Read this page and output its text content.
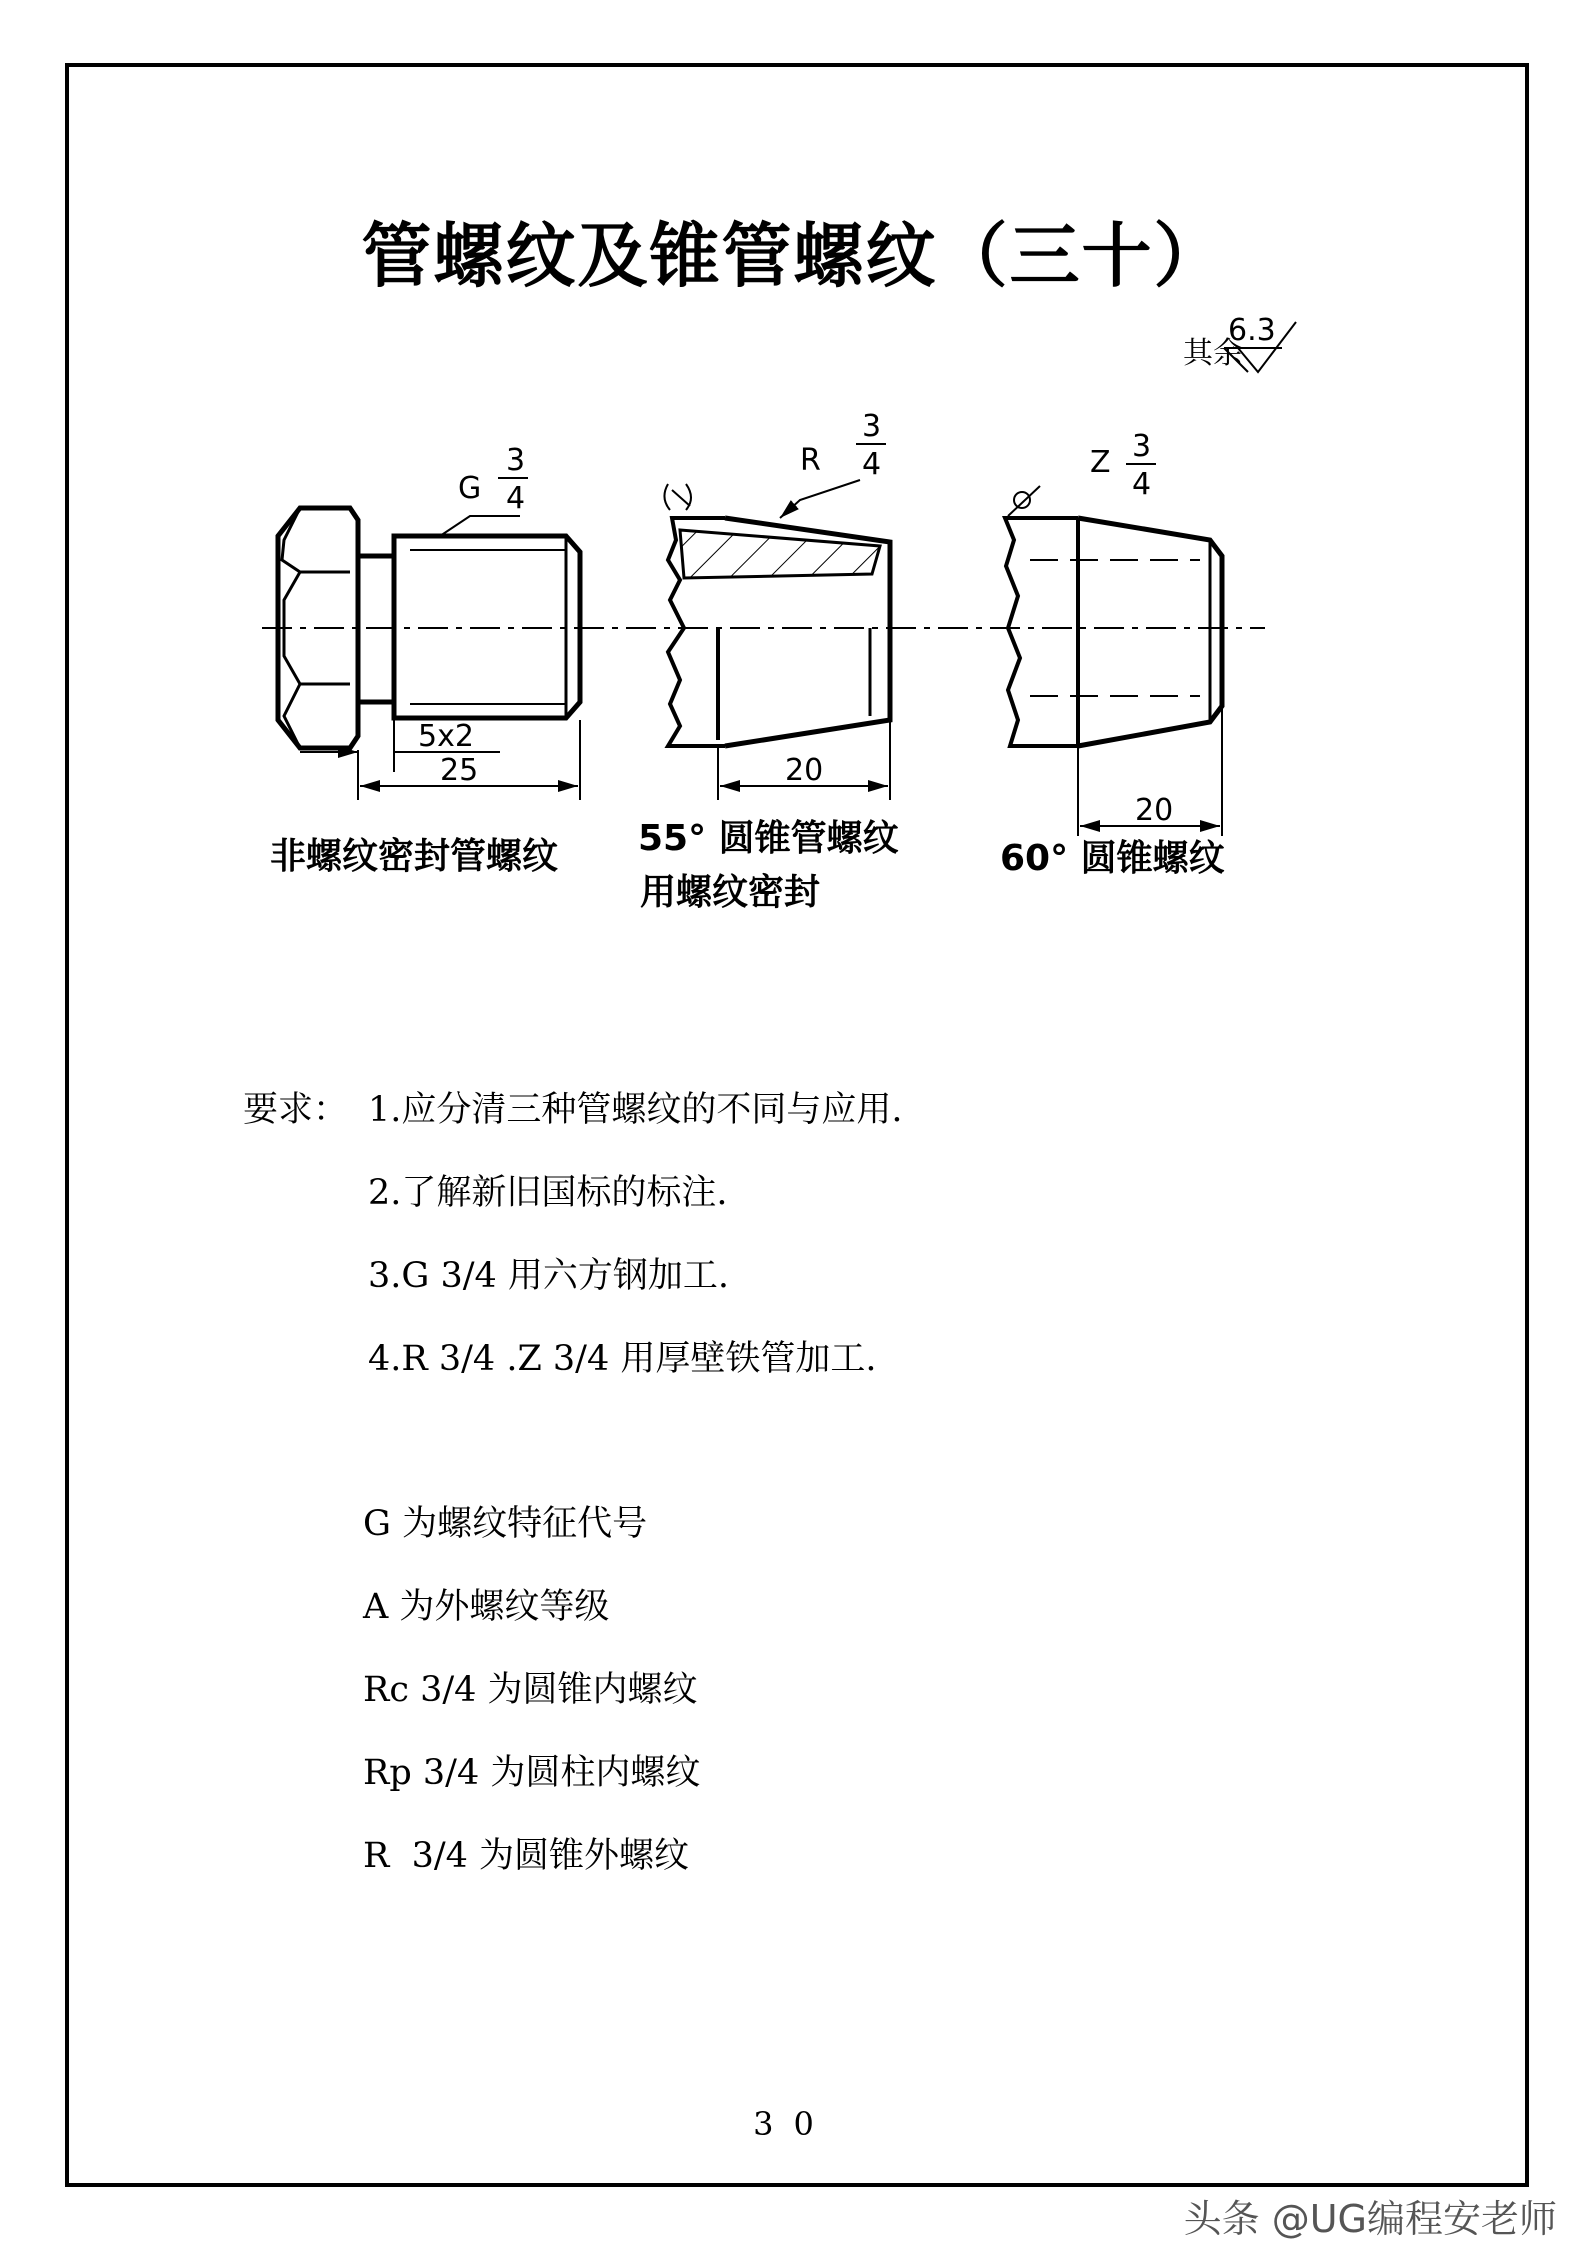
管螺纹及锥管螺纹（三十）
其余
6.3
G
3
4
5x2
25
非螺纹密封管螺纹
R
3
4
20
55° 圆锥管螺纹
用螺纹密封
Z 3
4
20
60° 圆锥螺纹
要求： 1.应分清三种管螺纹的不同与应用.
2.了解新旧国标的标注.
3.G 3/4 用六方钢加工.
4.R 3/4 .Z 3/4 用厚壁铁管加工.
G 为螺纹特征代号
A 为外螺纹等级
Rc 3/4 为圆锥内螺纹
Rp 3/4 为圆柱内螺纹
R  3/4 为圆锥外螺纹
30
头条 @UG编程安老师
